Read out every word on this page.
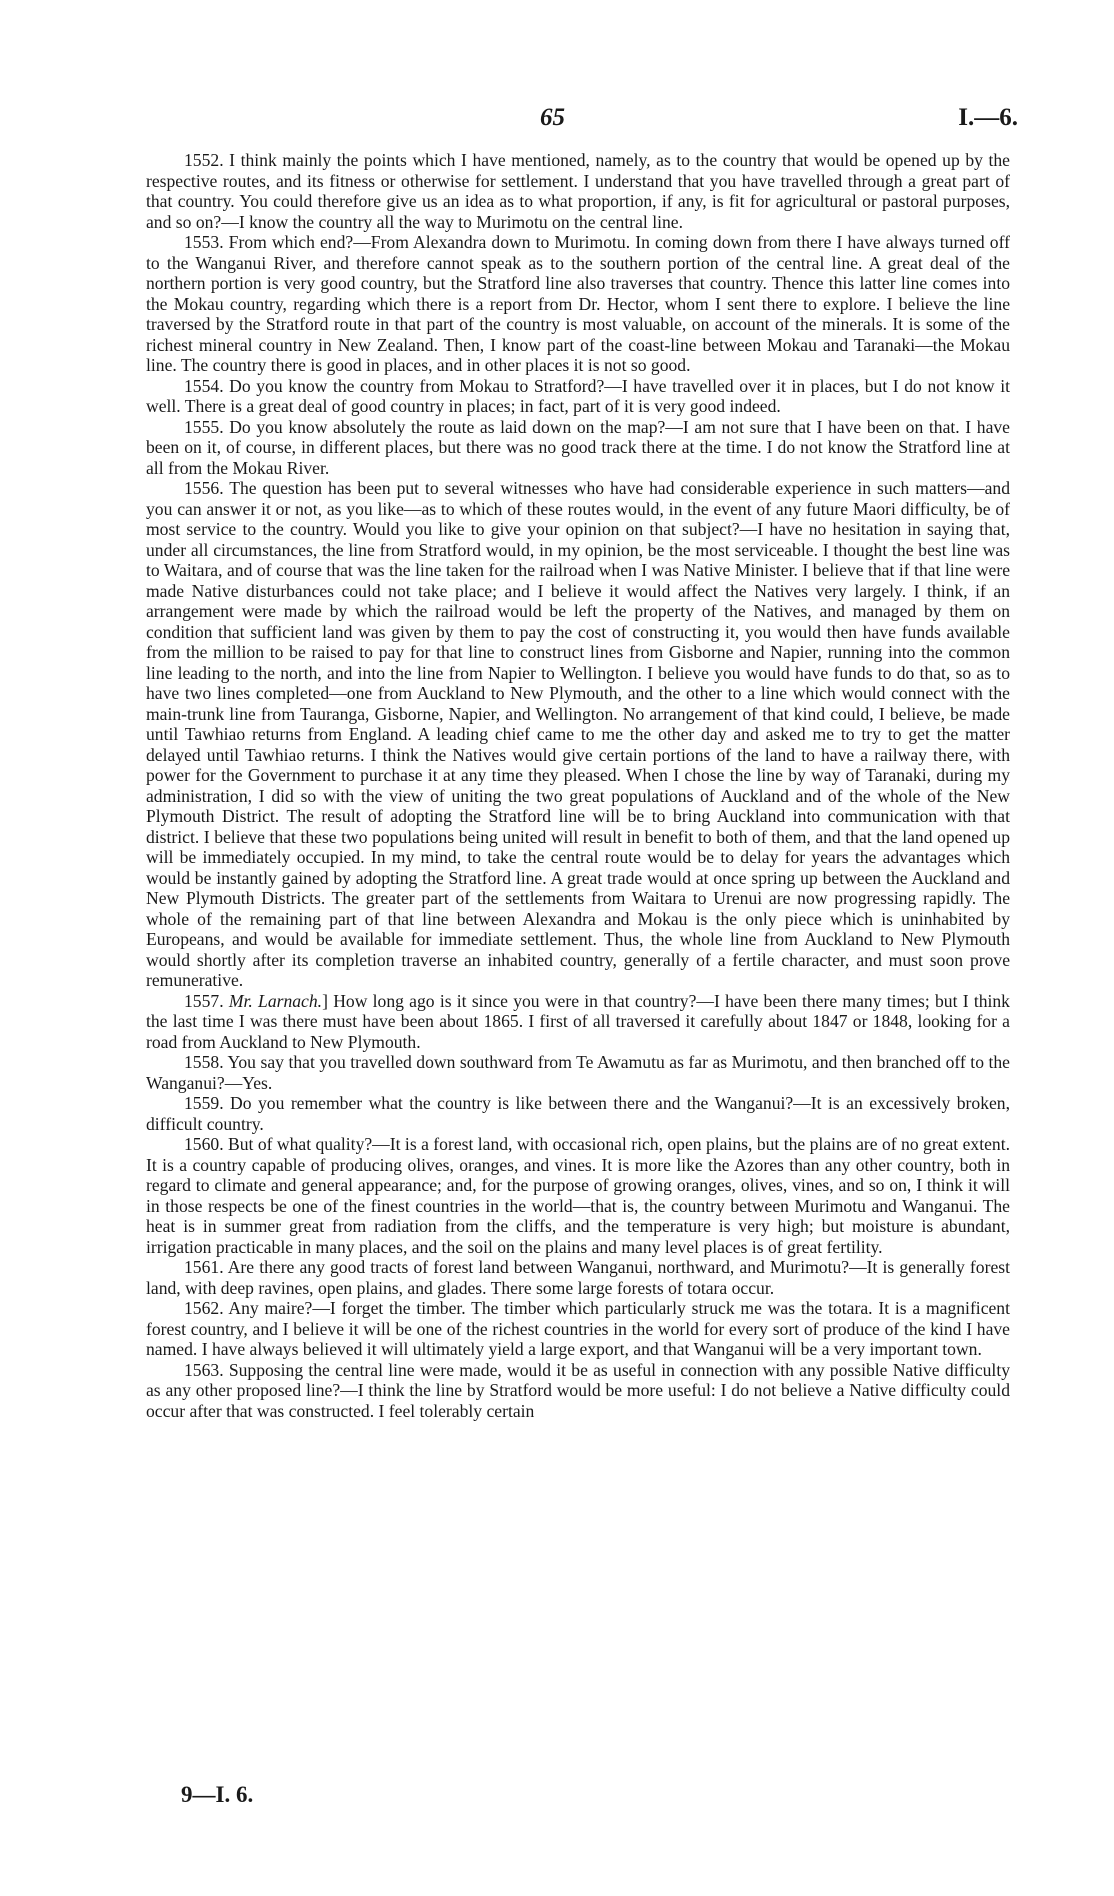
65	I.—6.

1552. I think mainly the points which I have mentioned, namely, as to the country that would be opened up by the respective routes, and its fitness or otherwise for settlement. I understand that you have travelled through a great part of that country. You could therefore give us an idea as to what proportion, if any, is fit for agricultural or pastoral purposes, and so on?—I know the country all the way to Murimotu on the central line.

1553. From which end?—From Alexandra down to Murimotu. In coming down from there I have always turned off to the Wanganui River, and therefore cannot speak as to the southern portion of the central line. A great deal of the northern portion is very good country, but the Stratford line also traverses that country. Thence this latter line comes into the Mokau country, regarding which there is a report from Dr. Hector, whom I sent there to explore. I believe the line traversed by the Stratford route in that part of the country is most valuable, on account of the minerals. It is some of the richest mineral country in New Zealand. Then, I know part of the coast-line between Mokau and Taranaki—the Mokau line. The country there is good in places, and in other places it is not so good.

1554. Do you know the country from Mokau to Stratford?—I have travelled over it in places, but I do not know it well. There is a great deal of good country in places; in fact, part of it is very good indeed.

1555. Do you know absolutely the route as laid down on the map?—I am not sure that I have been on that. I have been on it, of course, in different places, but there was no good track there at the time. I do not know the Stratford line at all from the Mokau River.

1556. The question has been put to several witnesses who have had considerable experience in such matters—and you can answer it or not, as you like—as to which of these routes would, in the event of any future Maori difficulty, be of most service to the country. Would you like to give your opinion on that subject?—I have no hesitation in saying that, under all circumstances, the line from Stratford would, in my opinion, be the most serviceable. I thought the best line was to Waitara, and of course that was the line taken for the railroad when I was Native Minister. I believe that if that line were made Native disturbances could not take place; and I believe it would affect the Natives very largely. I think, if an arrangement were made by which the railroad would be left the property of the Natives, and managed by them on condition that sufficient land was given by them to pay the cost of constructing it, you would then have funds available from the million to be raised to pay for that line to construct lines from Gisborne and Napier, running into the common line leading to the north, and into the line from Napier to Wellington. I believe you would have funds to do that, so as to have two lines completed—one from Auckland to New Plymouth, and the other to a line which would connect with the main-trunk line from Tauranga, Gisborne, Napier, and Wellington. No arrangement of that kind could, I believe, be made until Tawhiao returns from England. A leading chief came to me the other day and asked me to try to get the matter delayed until Tawhiao returns. I think the Natives would give certain portions of the land to have a railway there, with power for the Government to purchase it at any time they pleased. When I chose the line by way of Taranaki, during my administration, I did so with the view of uniting the two great populations of Auckland and of the whole of the New Plymouth District. The result of adopting the Stratford line will be to bring Auckland into communication with that district. I believe that these two populations being united will result in benefit to both of them, and that the land opened up will be immediately occupied. In my mind, to take the central route would be to delay for years the advantages which would be instantly gained by adopting the Stratford line. A great trade would at once spring up between the Auckland and New Plymouth Districts. The greater part of the settlements from Waitara to Urenui are now progressing rapidly. The whole of the remaining part of that line between Alexandra and Mokau is the only piece which is uninhabited by Europeans, and would be available for immediate settlement. Thus, the whole line from Auckland to New Plymouth would shortly after its completion traverse an inhabited country, generally of a fertile character, and must soon prove remunerative.

1557. Mr. Larnach.] How long ago is it since you were in that country?—I have been there many times; but I think the last time I was there must have been about 1865. I first of all traversed it carefully about 1847 or 1848, looking for a road from Auckland to New Plymouth.

1558. You say that you travelled down southward from Te Awamutu as far as Murimotu, and then branched off to the Wanganui?—Yes.

1559. Do you remember what the country is like between there and the Wanganui?—It is an excessively broken, difficult country.

1560. But of what quality?—It is a forest land, with occasional rich, open plains, but the plains are of no great extent. It is a country capable of producing olives, oranges, and vines. It is more like the Azores than any other country, both in regard to climate and general appearance; and, for the purpose of growing oranges, olives, vines, and so on, I think it will in those respects be one of the finest countries in the world—that is, the country between Murimotu and Wanganui. The heat is in summer great from radiation from the cliffs, and the temperature is very high; but moisture is abundant, irrigation practicable in many places, and the soil on the plains and many level places is of great fertility.

1561. Are there any good tracts of forest land between Wanganui, northward, and Murimotu?—It is generally forest land, with deep ravines, open plains, and glades. There some large forests of totara occur.

1562. Any maire?—I forget the timber. The timber which particularly struck me was the totara. It is a magnificent forest country, and I believe it will be one of the richest countries in the world for every sort of produce of the kind I have named. I have always believed it will ultimately yield a large export, and that Wanganui will be a very important town.

1563. Supposing the central line were made, would it be as useful in connection with any possible Native difficulty as any other proposed line?—I think the line by Stratford would be more useful: I do not believe a Native difficulty could occur after that was constructed. I feel tolerably certain

9—I. 6.
